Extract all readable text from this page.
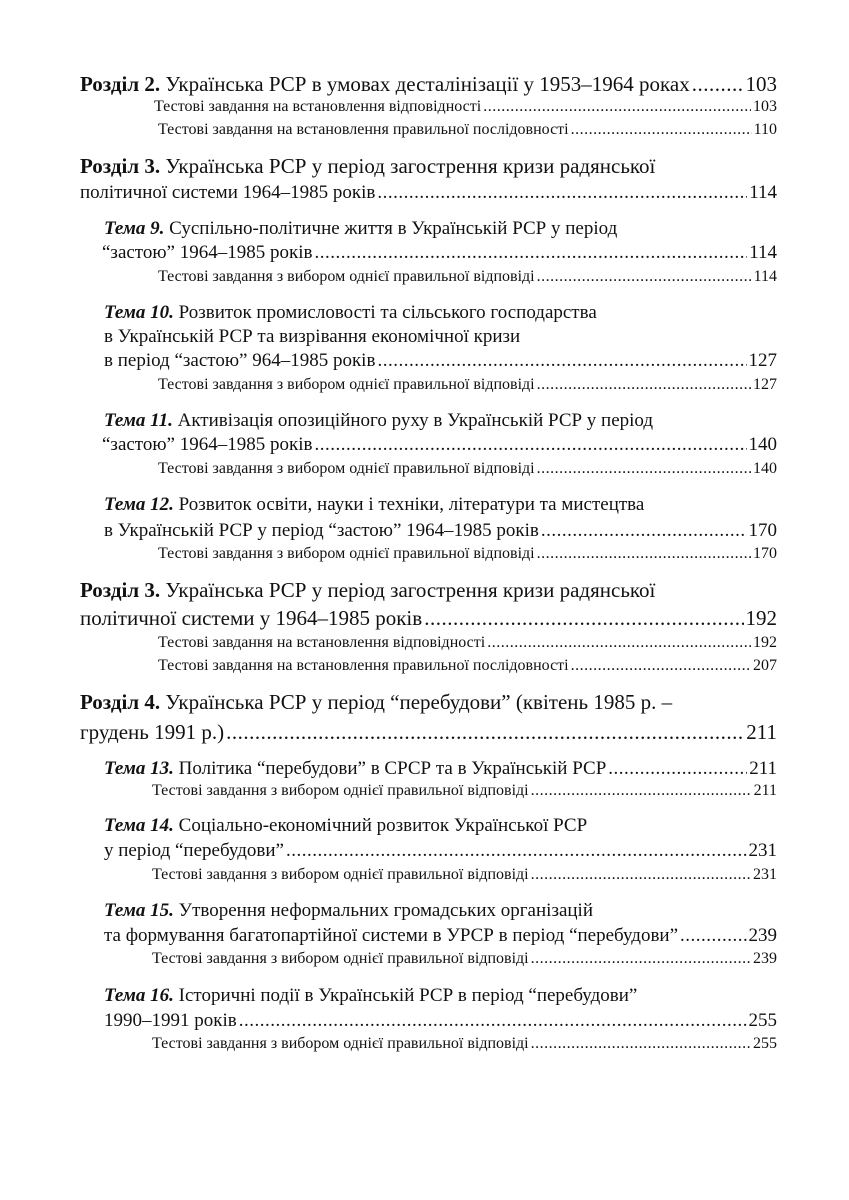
Розділ 2.
Українська РСР в умовах десталінізації у 1953–1964 роках .....	103
Тестові завдання на встановлення відповідності .....	103
Тестові завдання на встановлення правильної послідовності .....	110
Розділ 3.
Українська РСР у період загострення кризи радянської
політичної системи 1964–1985 років .....	114
Тема 9.
Суспільно-політичне життя в Українській РСР у період
“застою” 1964–1985 років .....	114
Тестові завдання з вибором однієї правильної відповіді .....	114
Тема 10.
Розвиток промисловості та сільського господарства
в Українській РСР та визрівання економічної кризи
в період “застою” 964–1985 років .....	127
Тестові завдання з вибором однієї правильної відповіді .....	127
Тема 11.
Активізація опозиційного руху в Українській РСР у період
“застою” 1964–1985 років .....	140
Тестові завдання з вибором однієї правильної відповіді .....	140
Тема 12.
Розвиток освіти, науки і техніки, літератури та мистецтва
в Українській РСР у період “застою” 1964–1985 років .....	170
Тестові завдання з вибором однієї правильної відповіді .....	170
Розділ 3.
Українська РСР у період загострення кризи радянської
політичної системи у 1964–1985 років .....	192
Тестові завдання на встановлення відповідності .....	192
Тестові завдання на встановлення правильної послідовності .....	207
Розділ 4.
Українська РСР у період “перебудови” (квітень 1985 р. –
грудень 1991 р.) .....	211
Тема 13.
Політика “перебудови” в СРСР та в Українській РСР .....	211
Тестові завдання з вибором однієї правильної відповіді .....	211
Тема 14.
Соціально-економічний розвиток Української РСР
у період “перебудови” .....	231
Тестові завдання з вибором однієї правильної відповіді .....	231
Тема 15.
Утворення неформальних громадських організацій
та формування багатопартійної системи в УРСР в період “перебудови” .....	239
Тестові завдання з вибором однієї правильної відповіді .....	239
Тема 16.
Історичні події в Українській РСР в період “перебудови”
1990–1991 років .....	255
Тестові завдання з вибором однієї правильної відповіді .....	255
